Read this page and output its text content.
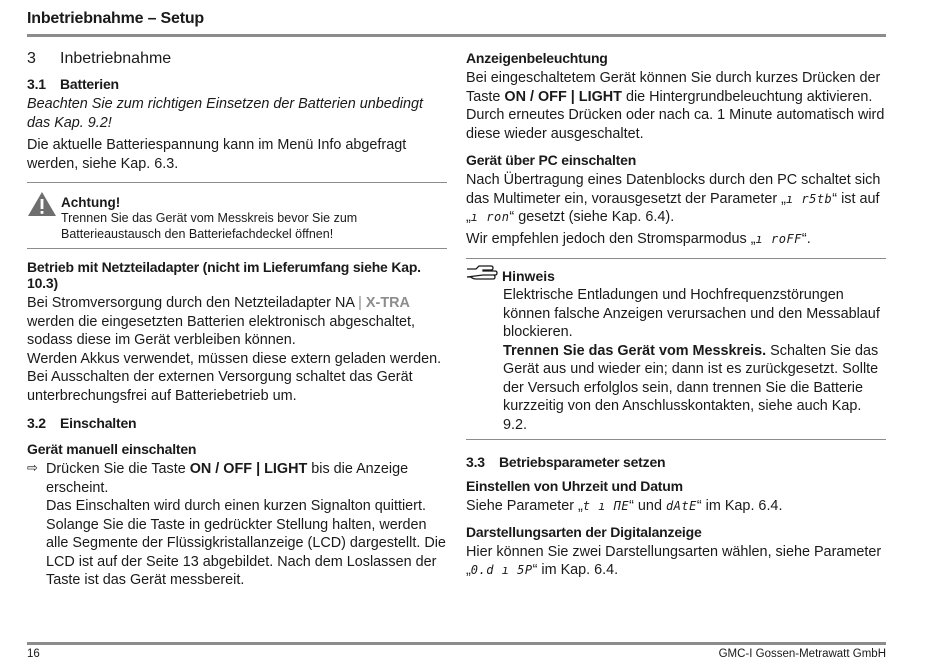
Inbetriebnahme – Setup
3	Inbetriebnahme
3.1	Batterien

Beachten Sie zum richtigen Einsetzen der Batterien unbedingt das Kap. 9.2!

Die aktuelle Batteriespannung kann im Menü Info abgefragt werden, siehe Kap. 6.3.

Achtung!
Trennen Sie das Gerät vom Messkreis bevor Sie zum Batterieaustausch den Batteriefachdeckel öffnen!
Betrieb mit Netzteiladapter (nicht im Lieferumfang siehe Kap. 10.3)

Bei Stromversorgung durch den Netzteiladapter NA | X-TRA werden die eingesetzten Batterien elektronisch abgeschaltet, sodass diese im Gerät verbleiben können.

Werden Akkus verwendet, müssen diese extern geladen werden. Bei Ausschalten der externen Versorgung schaltet das Gerät unterbrechungsfrei auf Batteriebetrieb um.

3.2	Einschalten
Gerät manuell einschalten
⇨ Drücken Sie die Taste ON / OFF | LIGHT bis die Anzeige erscheint.

Das Einschalten wird durch einen kurzen Signalton quittiert. Solange Sie die Taste in gedrückter Stellung halten, werden alle Segmente der Flüssigkristallanzeige (LCD) dargestellt. Die LCD ist auf der Seite 13 abgebildet. Nach dem Loslassen der Taste ist das Gerät messbereit.

Anzeigenbeleuchtung

Bei eingeschaltetem Gerät können Sie durch kurzes Drücken der Taste ON / OFF | LIGHT die Hintergrundbeleuchtung aktivieren. Durch erneutes Drücken oder nach ca. 1 Minute automatisch wird diese wieder ausgeschaltet.

Gerät über PC einschalten

Nach Übertragung eines Datenblocks durch den PC schaltet sich das Multimeter ein, vorausgesetzt der Parameter „ı r5tb“ ist auf „ı ron“ gesetzt (siehe Kap. 6.4).

Wir empfehlen jedoch den Stromsparmodus „ı roFF“.

Hinweis

Elektrische Entladungen und Hochfrequenzstörungen können falsche Anzeigen verursachen und den Messablauf blockieren.

Trennen Sie das Gerät vom Messkreis. Schalten Sie das Gerät aus und wieder ein; dann ist es zurückgesetzt. Sollte der Versuch erfolglos sein, dann trennen Sie die Batterie kurzzeitig von den Anschlusskontakten, siehe auch Kap. 9.2.

3.3	Betriebsparameter setzen
Einstellen von Uhrzeit und Datum

Siehe Parameter „t ı ΠE“ und dAtE“ im Kap. 6.4.

Darstellungsarten der Digitalanzeige

Hier können Sie zwei Darstellungsarten wählen, siehe Parameter „0.d ı 5P“ im Kap. 6.4.

16	GMC-I Gossen-Metrawatt GmbH
